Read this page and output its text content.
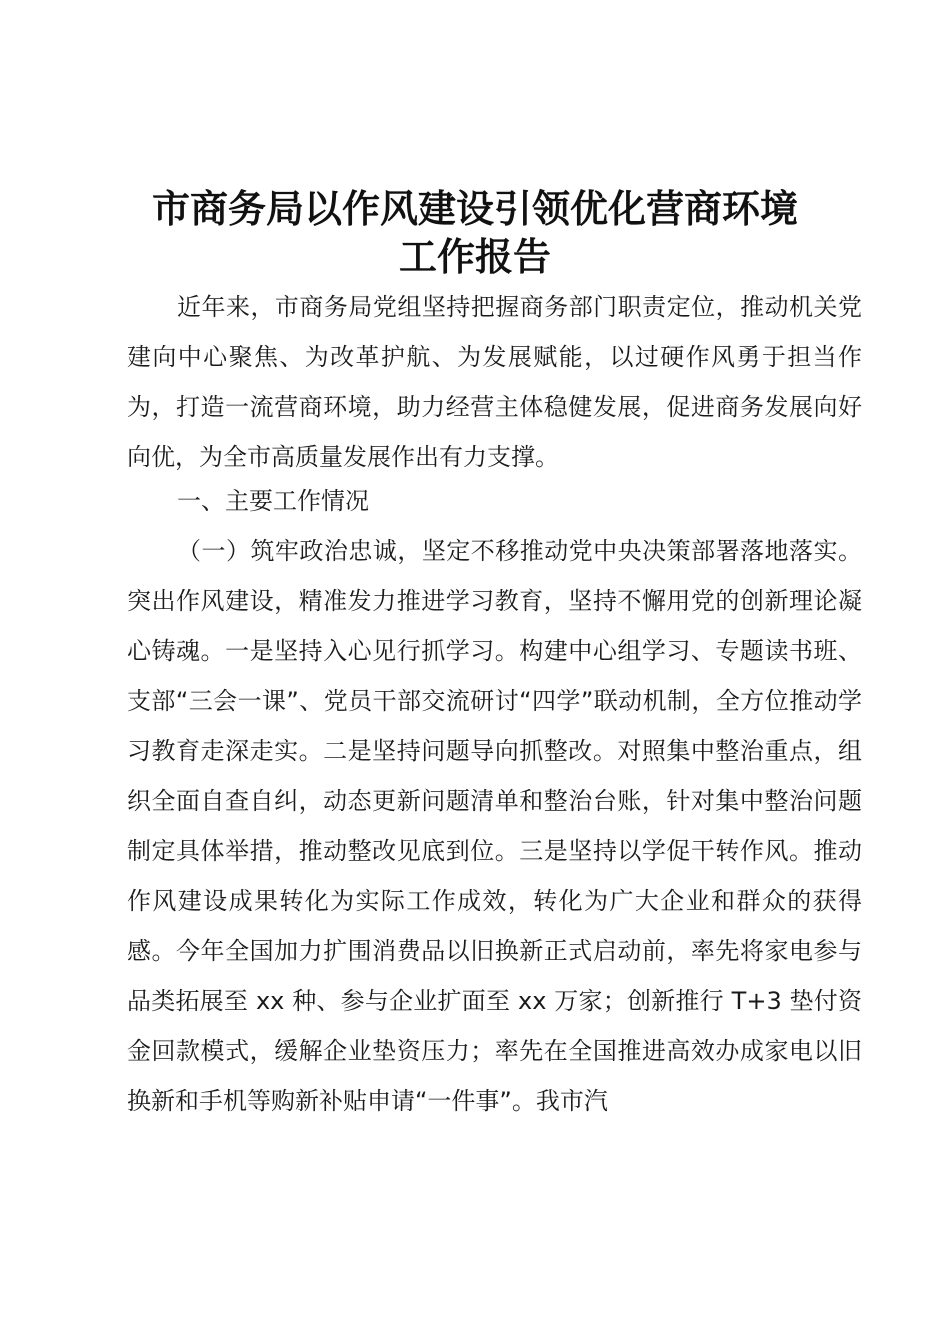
市商务局以作风建设引领优化营商环境
工作报告
近年来，市商务局党组坚持把握商务部门职责定位，推动机关党建向中心聚焦、为改革护航、为发展赋能，以过硬作风勇于担当作为，打造一流营商环境，助力经营主体稳健发展，促进商务发展向好向优，为全市高质量发展作出有力支撑。
一、主要工作情况
（一）筑牢政治忠诚，坚定不移推动党中央决策部署落地落实。突出作风建设，精准发力推进学习教育，坚持不懈用党的创新理论凝心铸魂。一是坚持入心见行抓学习。构建中心组学习、专题读书班、支部“三会一课”、党员干部交流研讨“四学”联动机制，全方位推动学习教育走深走实。二是坚持问题导向抓整改。对照集中整治重点，组织全面自查自纠，动态更新问题清单和整治台账，针对集中整治问题制定具体举措，推动整改见底到位。三是坚持以学促干转作风。推动作风建设成果转化为实际工作成效，转化为广大企业和群众的获得感。今年全国加力扩围消费品以旧换新正式启动前，率先将家电参与品类拓展至 xx 种、参与企业扩面至 xx 万家；创新推行 T+3 垫付资金回款模式，缓解企业垫资压力；率先在全国推进高效办成家电以旧换新和手机等购新补贴申请“一件事”。我市汽
